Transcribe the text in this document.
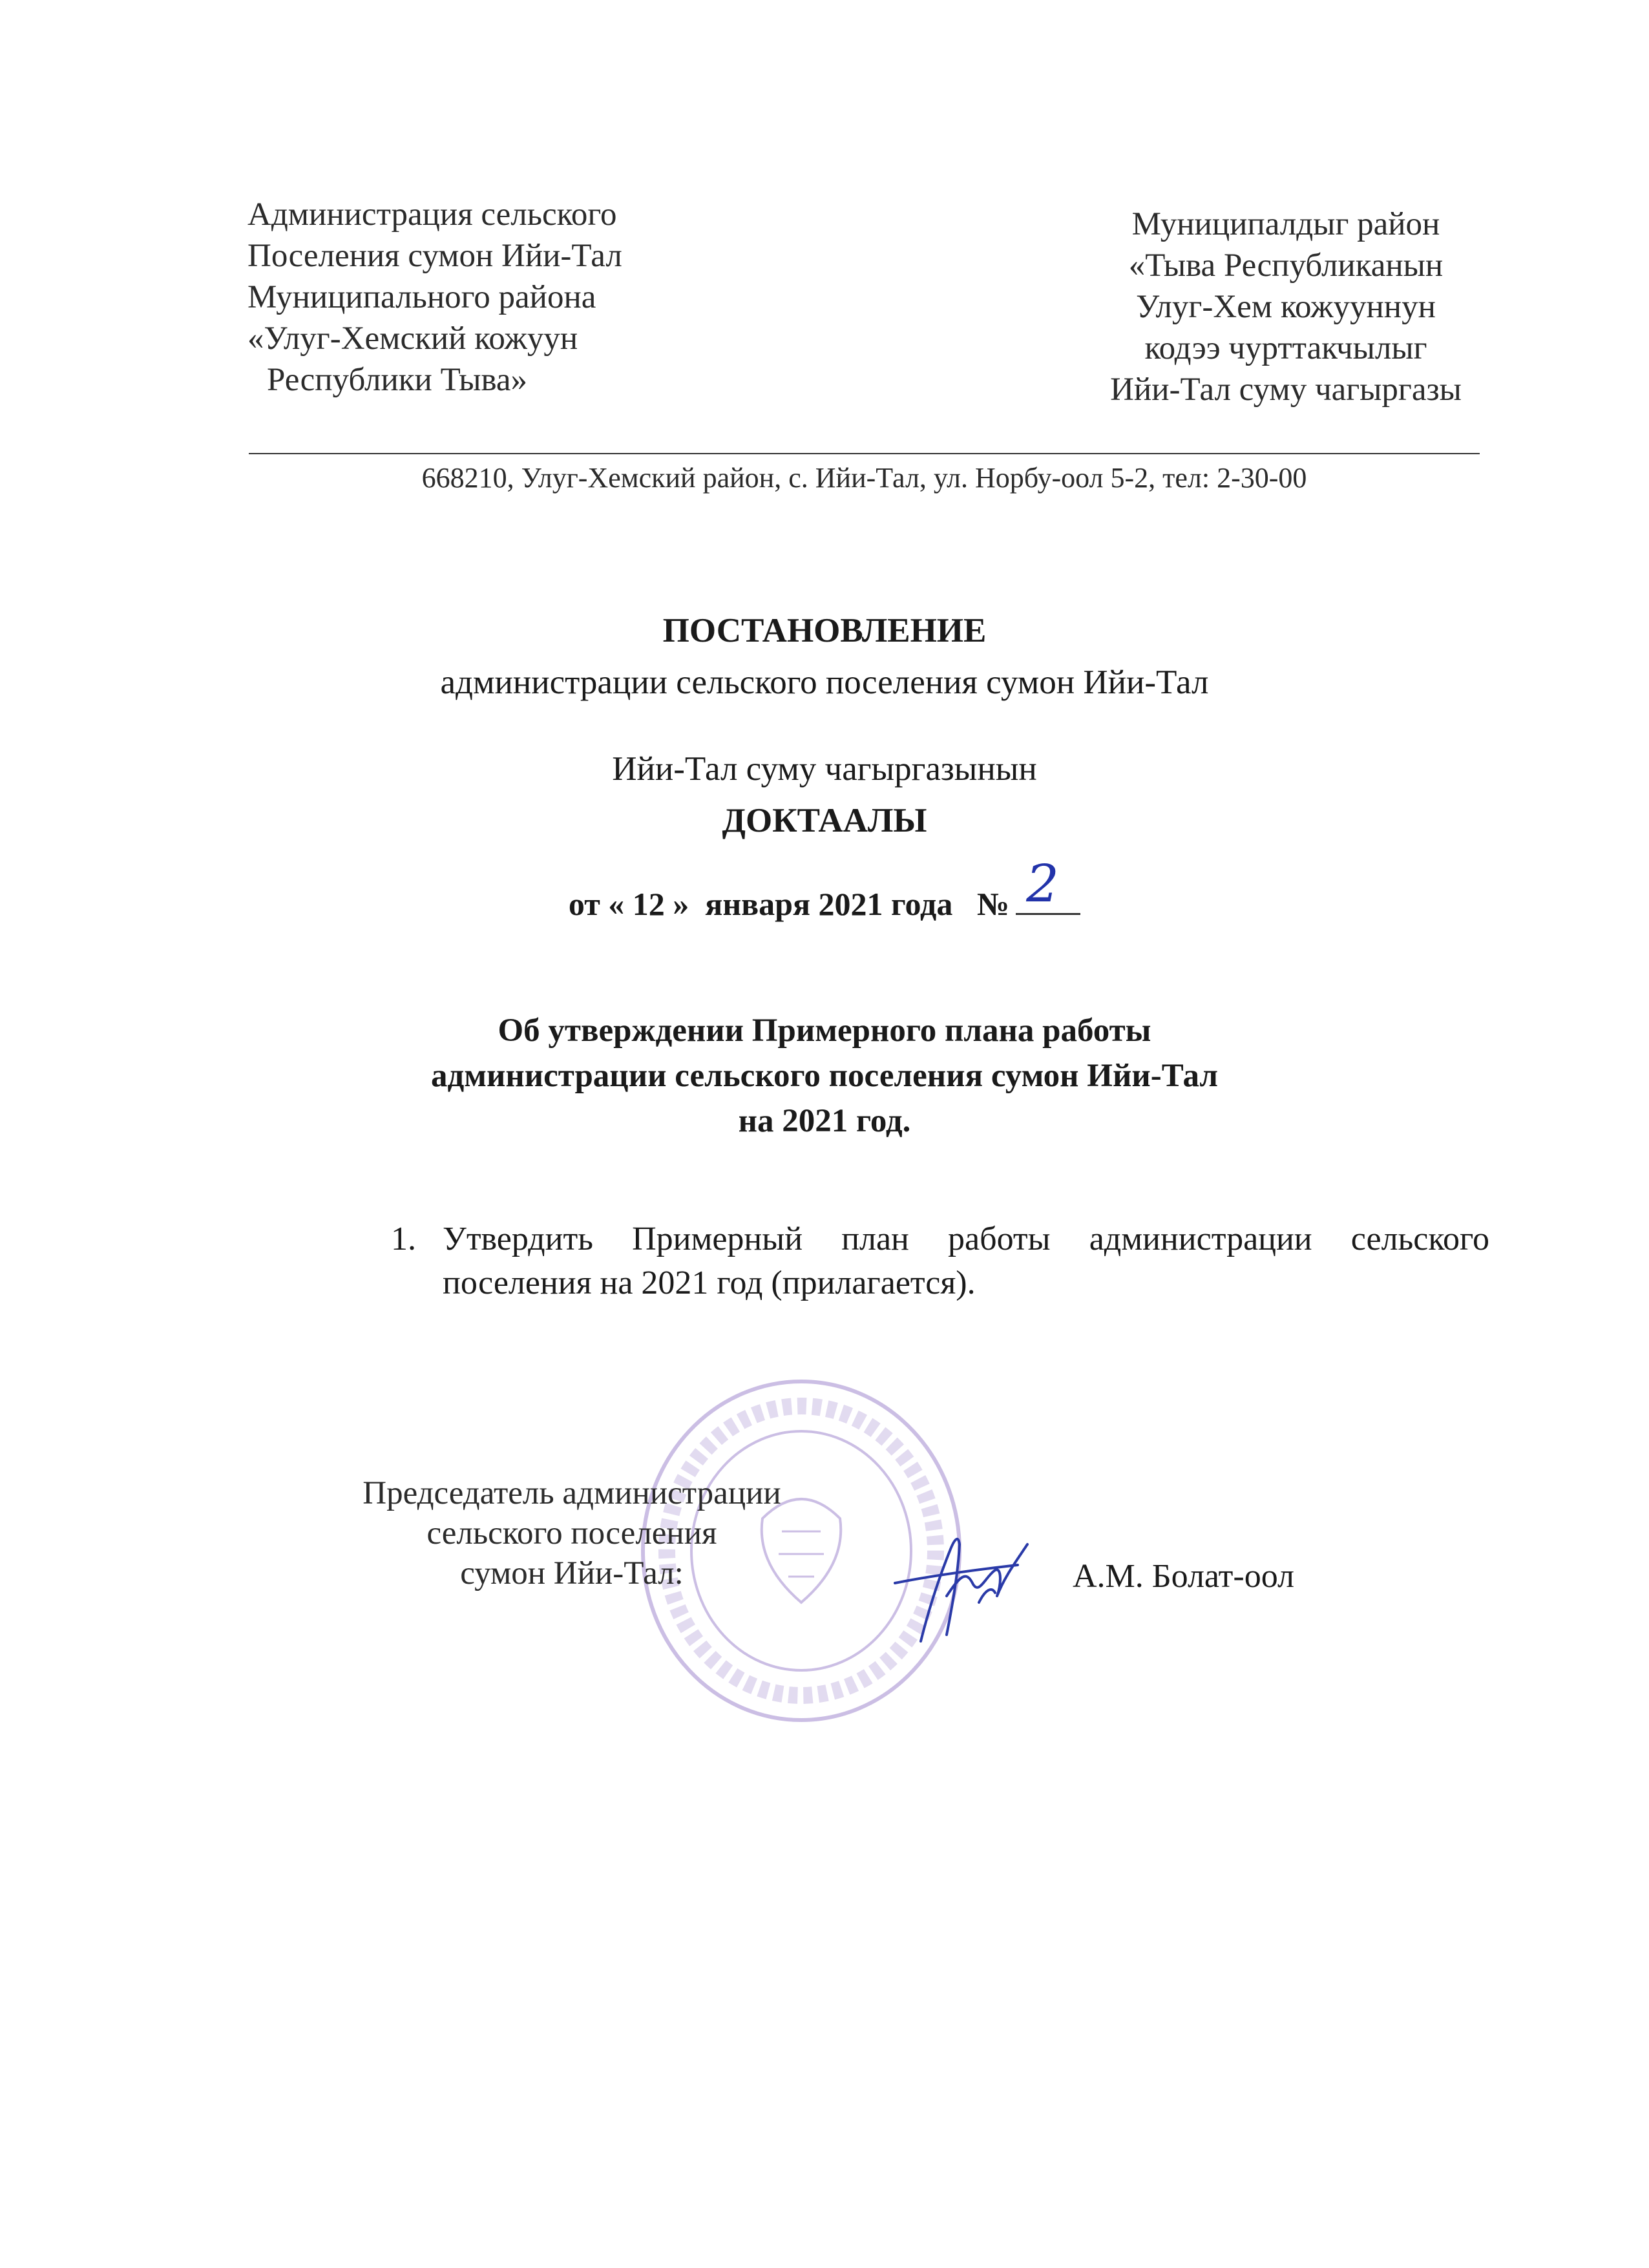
Администрация сельского
Поселения сумон Ийи-Тал
Муниципального района
«Улуг-Хемский кожуун
Республики Тыва»
Муниципалдыг район
«Тыва Республиканын
Улуг-Хем кожууннун
кодээ чурттакчылыг
Ийи-Тал суму чагыргазы
668210, Улуг-Хемский район, с. Ийи-Тал, ул. Норбу-оол 5-2, тел: 2-30-00
ПОСТАНОВЛЕНИЕ
администрации сельского поселения сумон Ийи-Тал
Ийи-Тал суму чагыргазынын
ДОКТААЛЫ
от « 12 »  января 2021 года   № 2
Об утверждении Примерного плана работы
администрации сельского поселения сумон Ийи-Тал
на 2021 год.
1. Утвердить Примерный план работы администрации сельского поселения на 2021 год (прилагается).
Председатель администрации
сельского поселения
сумон Ийи-Тал:	А.М. Болат-оол
